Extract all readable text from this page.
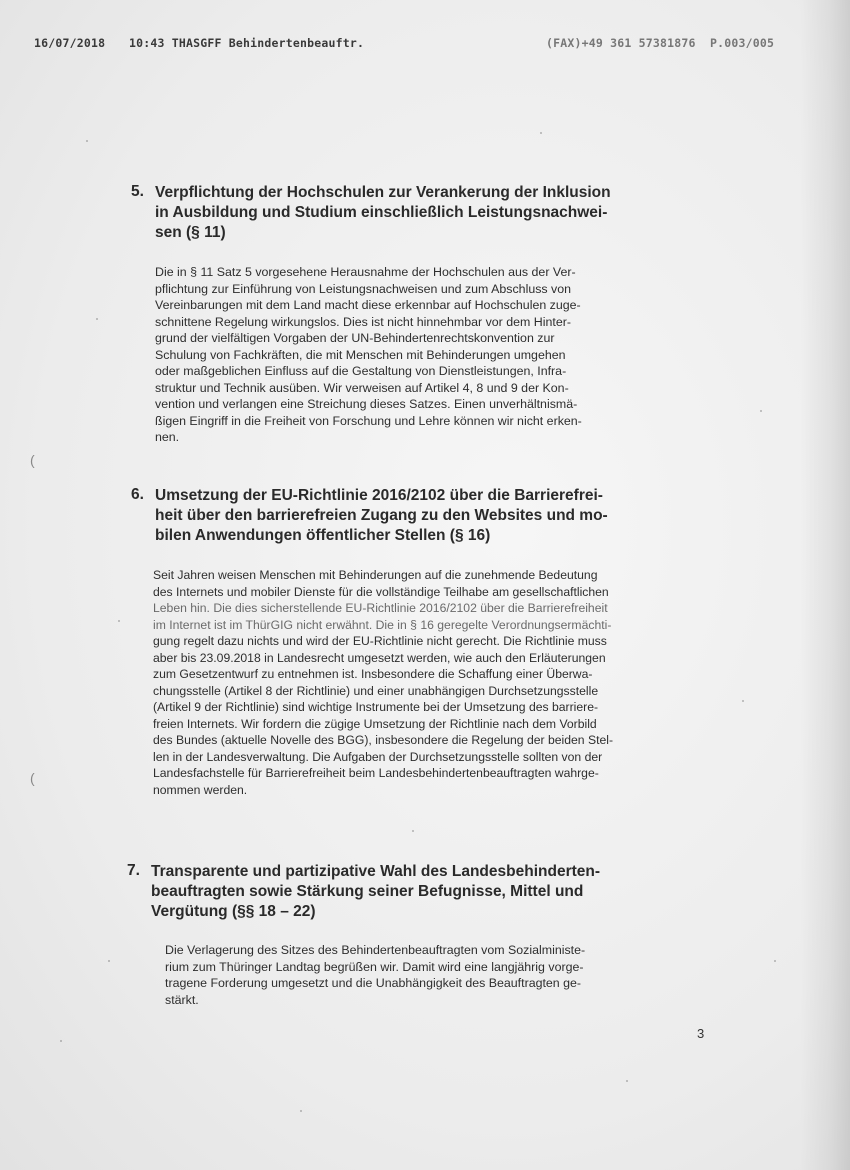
16/07/2018 10:43 THASGFF Behindertenbeauftr.	(FAX)+49 361 57381876 P.003/005
5. Verpflichtung der Hochschulen zur Verankerung der Inklusion
in Ausbildung und Studium einschließlich Leistungsnachwei-
sen (§ 11)
Die in § 11 Satz 5 vorgesehene Herausnahme der Hochschulen aus der Ver-
pflichtung zur Einführung von Leistungsnachweisen und zum Abschluss von
Vereinbarungen mit dem Land macht diese erkennbar auf Hochschulen zuge-
schnittene Regelung wirkungslos. Dies ist nicht hinnehmbar vor dem Hinter-
grund der vielfältigen Vorgaben der UN-Behindertenrechtskonvention zur
Schulung von Fachkräften, die mit Menschen mit Behinderungen umgehen
oder maßgeblichen Einfluss auf die Gestaltung von Dienstleistungen, Infra-
struktur und Technik ausüben. Wir verweisen auf Artikel 4, 8 und 9 der Kon-
vention und verlangen eine Streichung dieses Satzes. Einen unverhältnismä-
ßigen Eingriff in die Freiheit von Forschung und Lehre können wir nicht erken-
nen.
6. Umsetzung der EU-Richtlinie 2016/2102 über die Barrierefrei-
heit über den barrierefreien Zugang zu den Websites und mo-
bilen Anwendungen öffentlicher Stellen (§ 16)
Seit Jahren weisen Menschen mit Behinderungen auf die zunehmende Bedeutung
des Internets und mobiler Dienste für die vollständige Teilhabe am gesellschaftlichen
Leben hin. Die dies sicherstellende EU-Richtlinie 2016/2102 über die Barrierefreiheit
im Internet ist im ThürGIG nicht erwähnt. Die in § 16 geregelte Verordnungsermächti-
gung regelt dazu nichts und wird der EU-Richtlinie nicht gerecht. Die Richtlinie muss
aber bis 23.09.2018 in Landesrecht umgesetzt werden, wie auch den Erläuterungen
zum Gesetzentwurf zu entnehmen ist. Insbesondere die Schaffung einer Überwa-
chungsstelle (Artikel 8 der Richtlinie) und einer unabhängigen Durchsetzungsstelle
(Artikel 9 der Richtlinie) sind wichtige Instrumente bei der Umsetzung des barriere-
freien Internets. Wir fordern die zügige Umsetzung der Richtlinie nach dem Vorbild
des Bundes (aktuelle Novelle des BGG), insbesondere die Regelung der beiden Stel-
len in der Landesverwaltung. Die Aufgaben der Durchsetzungsstelle sollten von der
Landesfachstelle für Barrierefreiheit beim Landesbehindertenbeauftragten wahrge-
nommen werden.
7. Transparente und partizipative Wahl des Landesbehinderten-
beauftragten sowie Stärkung seiner Befugnisse, Mittel und
Vergütung (§§ 18 – 22)
Die Verlagerung des Sitzes des Behindertenbeauftragten vom Sozialministe-
rium zum Thüringer Landtag begrüßen wir. Damit wird eine langjährig vorge-
tragene Forderung umgesetzt und die Unabhängigkeit des Beauftragten ge-
stärkt.
3
(
(
